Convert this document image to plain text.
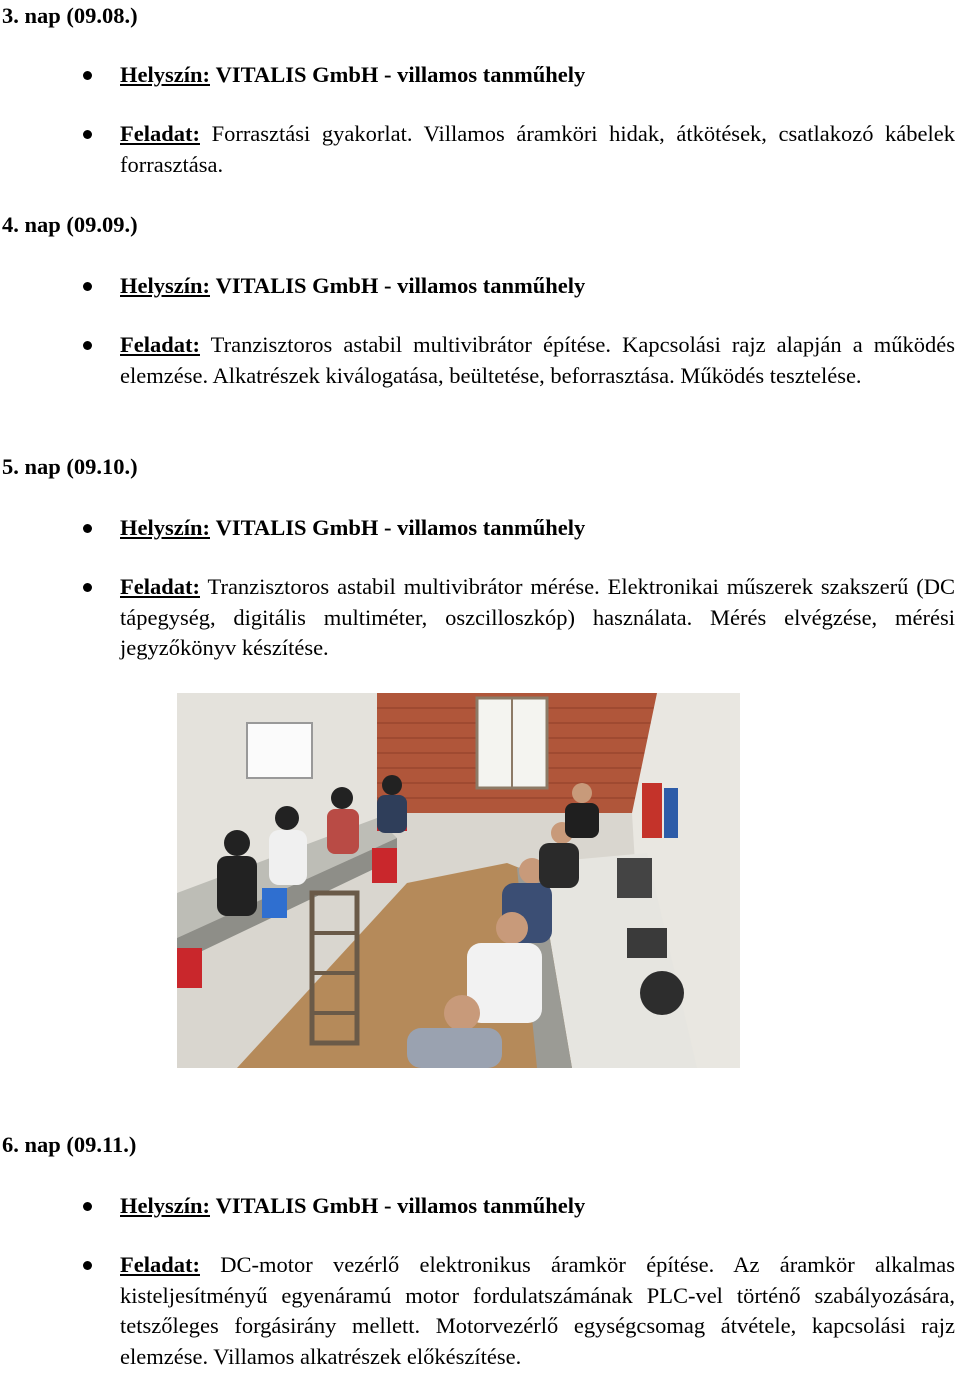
3. nap (09.08.)

Helyszín: VITALIS GmbH - villamos tanműhely

Feladat: Forrasztási gyakorlat. Villamos áramköri hidak, átkötések, csatlakozó kábelek forrasztása.

4. nap (09.09.)

Helyszín: VITALIS GmbH - villamos tanműhely

Feladat: Tranzisztoros astabil multivibrátor építése. Kapcsolási rajz alapján a működés elemzése. Alkatrészek kiválogatása, beültetése, beforrasztása. Működés tesztelése.

5. nap (09.10.)

Helyszín: VITALIS GmbH - villamos tanműhely

Feladat: Tranzisztoros astabil multivibrátor mérése. Elektronikai műszerek szakszerű (DC tápegység, digitális multiméter, oszcilloszkóp) használata. Mérés elvégzése, mérési jegyzőkönyv készítése.

6. nap (09.11.)

Helyszín: VITALIS GmbH - villamos tanműhely

Feladat: DC-motor vezérlő elektronikus áramkör építése. Az áramkör alkalmas kisteljesítményű egyenáramú motor fordulatszámának PLC-vel történő szabályozására, tetszőleges forgásirány mellett. Motorvezérlő egységcsomag átvétele, kapcsolási rajz elemzése. Villamos alkatrészek előkészítése.
